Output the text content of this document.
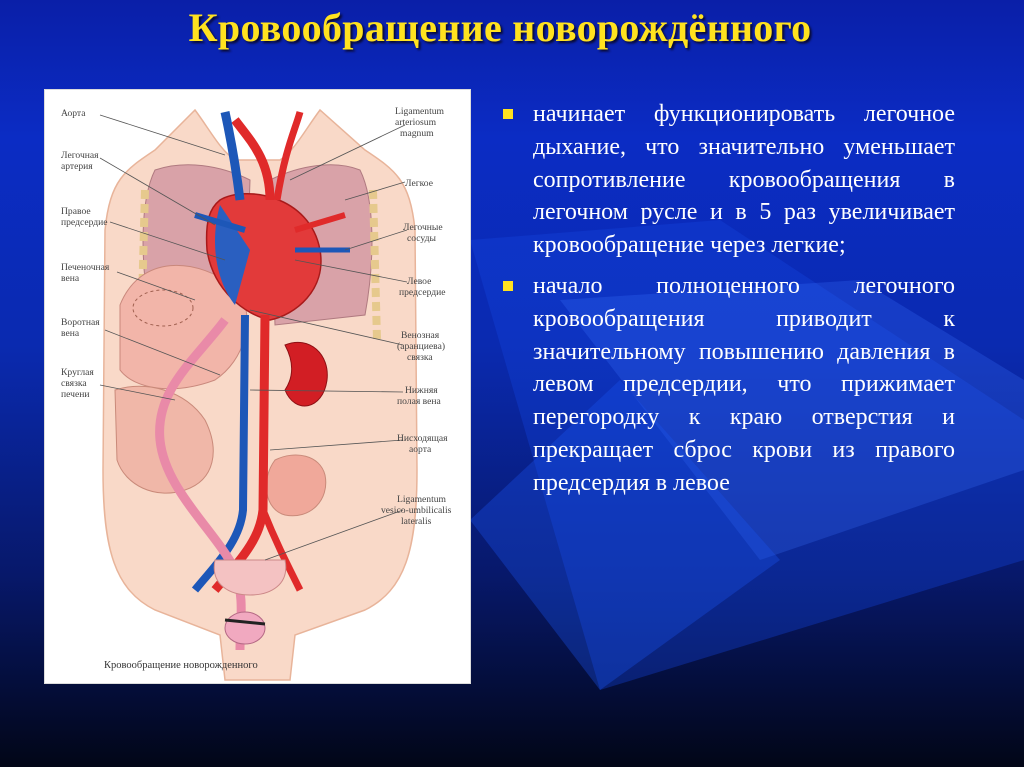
Кровообращение новорождённого
Аорта
Легочная
артерия
Правое
предсердие
Печеночная
вена
Воротная
вена
Круглая
связка
печени
Ligamentum
arteriosum
magnum
Легкое
Легочные
сосуды
Левое
предсердие
Венозная
(аранциева)
связка
Нижняя
полая вена
Нисходящая
аорта
Ligamentum
vesico-umbilicalis
lateralis
Кровообращение новорожденного
начинает функционировать легочное дыхание, что значительно уменьшает сопротивление кровообращения в легочном русле и в 5 раз увеличивает кровообращение через легкие;
начало полноценного легочного кровообращения приводит к значительному повышению давления в левом предсердии, что прижимает перегородку к краю отверстия и прекращает сброс крови из правого предсердия в левое
